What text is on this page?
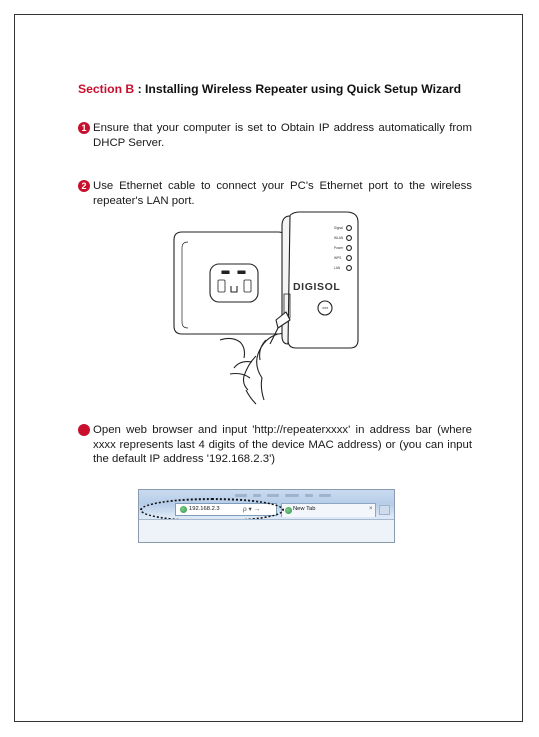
Section B : Installing Wireless Repeater using Quick Setup Wizard
1 Ensure that your computer is set to Obtain IP address automatically from DHCP Server.
2 Use Ethernet cable to connect your PC's Ethernet port to the wireless repeater's LAN port.
Signal
WLAN
Power
WPS
LAN
WPS
DIGISOL
Open web browser and input 'http://repeaterxxxx' in address bar (where xxxx represents last 4 digits of the device MAC address) or (you can input the default IP address '192.168.2.3')
192.168.2.3	ρ ▾ →	New Tab	×
